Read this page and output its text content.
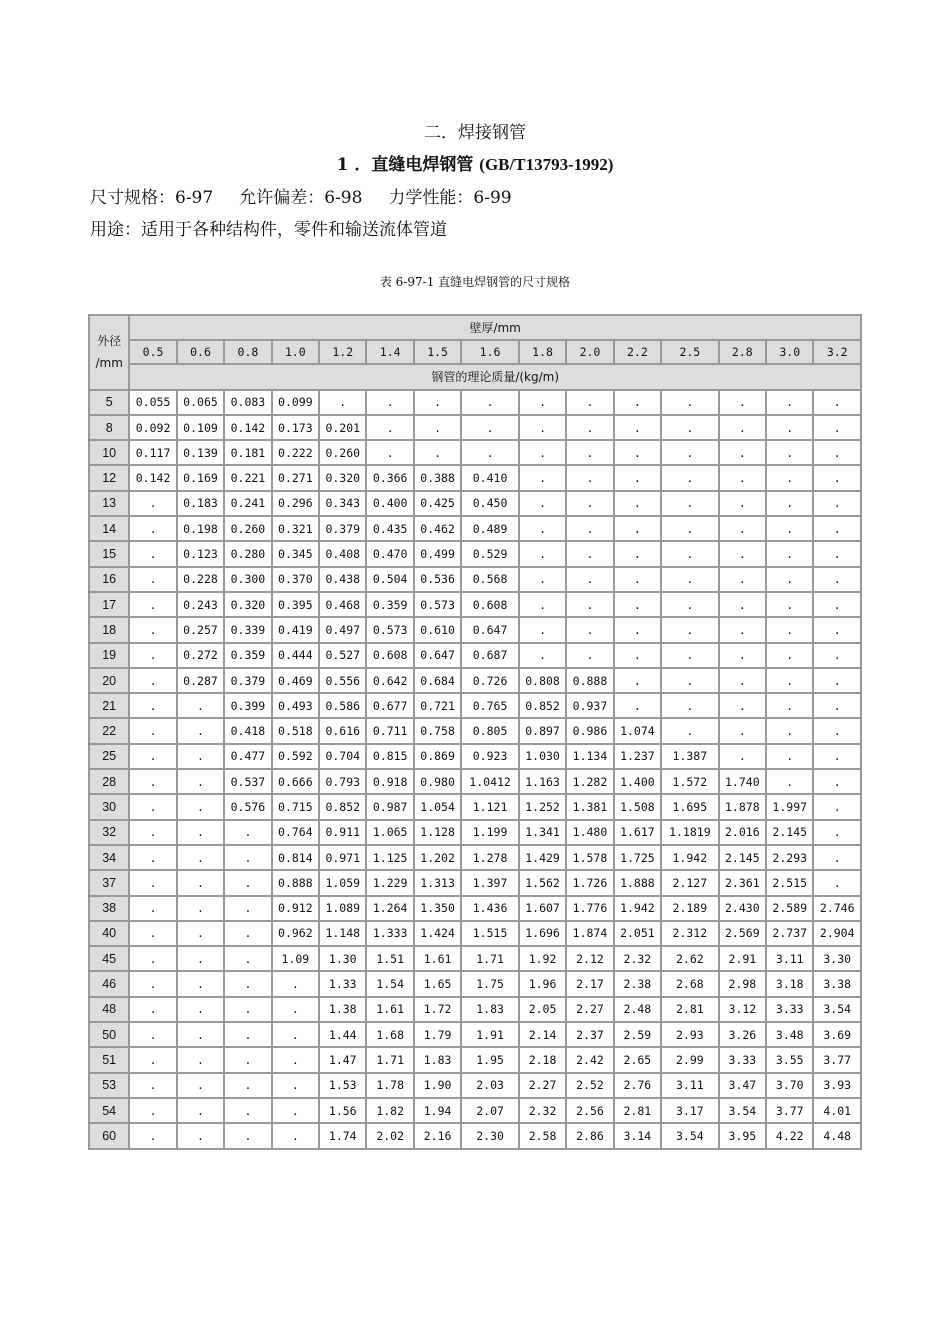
二．焊接钢管
1 ．直缝电焊钢管 (GB/T13793-1992)
尺寸规格：6-97 允许偏差：6-98 力学性能：6-99
用途：适用于各种结构件，零件和输送流体管道
表 6-97-1 直缝电焊钢管的尺寸规格
外径
/mm	壁厚/mm														
	0.5	0.6	0.8	1.0	1.2	1.4	1.5	1.6	1.8	2.0	2.2	2.5	2.8	3.0	3.2
	钢管的理论质量/(kg/m)														
5	0.055	0.065	0.083	0.099	.	.	.	.	.	.	.	.	.	.	.
8	0.092	0.109	0.142	0.173	0.201	.	.	.	.	.	.	.	.	.	.
10	0.117	0.139	0.181	0.222	0.260	.	.	.	.	.	.	.	.	.	.
12	0.142	0.169	0.221	0.271	0.320	0.366	0.388	0.410	.	.	.	.	.	.	.
13	.	0.183	0.241	0.296	0.343	0.400	0.425	0.450	.	.	.	.	.	.	.
14	.	0.198	0.260	0.321	0.379	0.435	0.462	0.489	.	.	.	.	.	.	.
15	.	0.123	0.280	0.345	0.408	0.470	0.499	0.529	.	.	.	.	.	.	.
16	.	0.228	0.300	0.370	0.438	0.504	0.536	0.568	.	.	.	.	.	.	.
17	.	0.243	0.320	0.395	0.468	0.359	0.573	0.608	.	.	.	.	.	.	.
18	.	0.257	0.339	0.419	0.497	0.573	0.610	0.647	.	.	.	.	.	.	.
19	.	0.272	0.359	0.444	0.527	0.608	0.647	0.687	.	.	.	.	.	.	.
20	.	0.287	0.379	0.469	0.556	0.642	0.684	0.726	0.808	0.888	.	.	.	.	.
21	.	.	0.399	0.493	0.586	0.677	0.721	0.765	0.852	0.937	.	.	.	.	.
22	.	.	0.418	0.518	0.616	0.711	0.758	0.805	0.897	0.986	1.074	.	.	.	.
25	.	.	0.477	0.592	0.704	0.815	0.869	0.923	1.030	1.134	1.237	1.387	.	.	.
28	.	.	0.537	0.666	0.793	0.918	0.980	1.0412	1.163	1.282	1.400	1.572	1.740	.	.
30	.	.	0.576	0.715	0.852	0.987	1.054	1.121	1.252	1.381	1.508	1.695	1.878	1.997	.
32	.	.	.	0.764	0.911	1.065	1.128	1.199	1.341	1.480	1.617	1.1819	2.016	2.145	.
34	.	.	.	0.814	0.971	1.125	1.202	1.278	1.429	1.578	1.725	1.942	2.145	2.293	.
37	.	.	.	0.888	1.059	1.229	1.313	1.397	1.562	1.726	1.888	2.127	2.361	2.515	.
38	.	.	.	0.912	1.089	1.264	1.350	1.436	1.607	1.776	1.942	2.189	2.430	2.589	2.746
40	.	.	.	0.962	1.148	1.333	1.424	1.515	1.696	1.874	2.051	2.312	2.569	2.737	2.904
45	.	.	.	1.09	1.30	1.51	1.61	1.71	1.92	2.12	2.32	2.62	2.91	3.11	3.30
46	.	.	.	.	1.33	1.54	1.65	1.75	1.96	2.17	2.38	2.68	2.98	3.18	3.38
48	.	.	.	.	1.38	1.61	1.72	1.83	2.05	2.27	2.48	2.81	3.12	3.33	3.54
50	.	.	.	.	1.44	1.68	1.79	1.91	2.14	2.37	2.59	2.93	3.26	3.48	3.69
51	.	.	.	.	1.47	1.71	1.83	1.95	2.18	2.42	2.65	2.99	3.33	3.55	3.77
53	.	.	.	.	1.53	1.78	1.90	2.03	2.27	2.52	2.76	3.11	3.47	3.70	3.93
54	.	.	.	.	1.56	1.82	1.94	2.07	2.32	2.56	2.81	3.17	3.54	3.77	4.01
60	.	.	.	.	1.74	2.02	2.16	2.30	2.58	2.86	3.14	3.54	3.95	4.22	4.48
